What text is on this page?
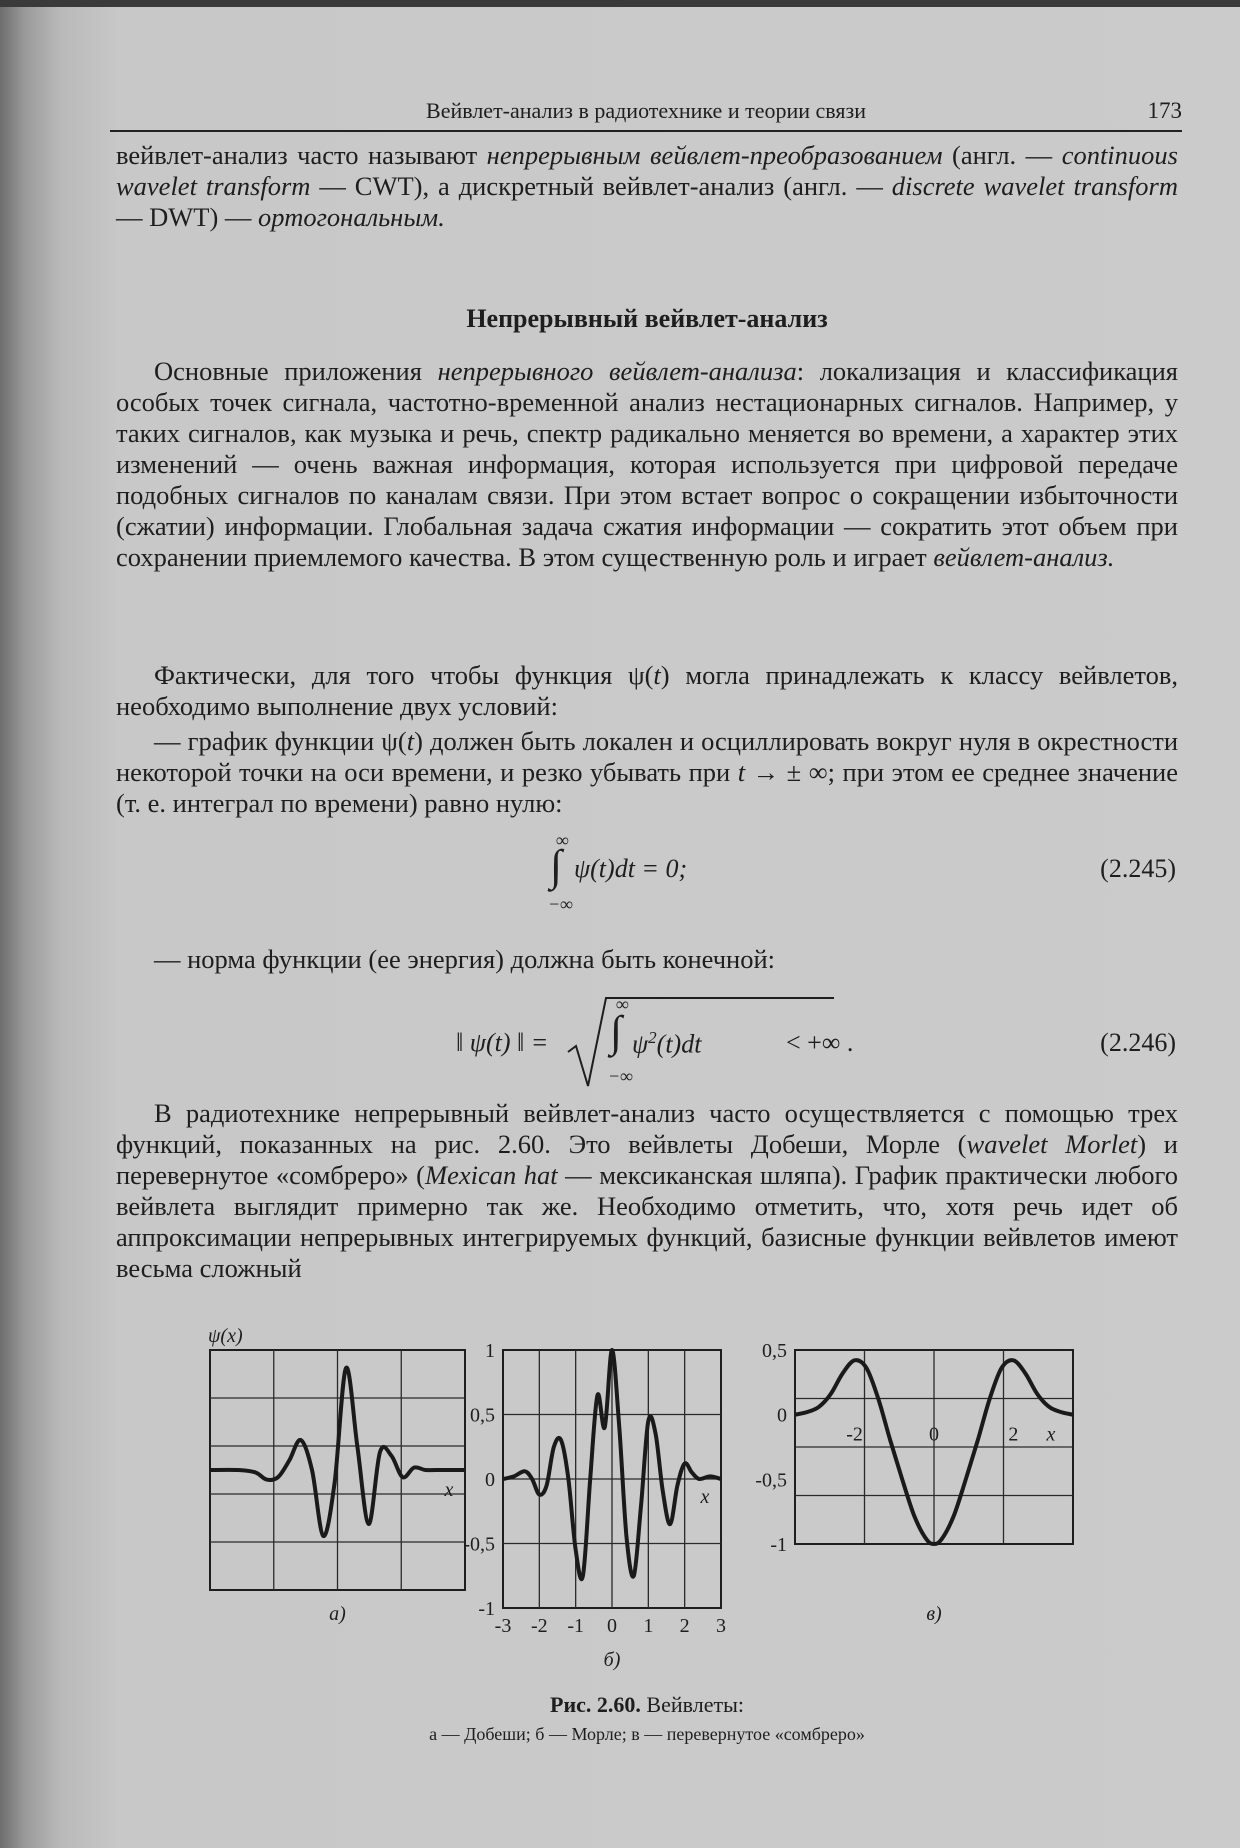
Вейвлет-анализ в радиотехнике и теории связи	173

вейвлет-анализ часто называют непрерывным вейвлет-преобразованием (англ. — continuous wavelet transform — CWT), а дискретный вейвлет-анализ (англ. — discrete wavelet transform — DWT) — ортогональным.

Непрерывный вейвлет-анализ

Основные приложения непрерывного вейвлет-анализа: локализация и классификация особых точек сигнала, частотно-временной анализ нестационарных сигналов. Например, у таких сигналов, как музыка и речь, спектр радикально меняется во времени, а характер этих изменений — очень важная информация, которая используется при цифровой передаче подобных сигналов по каналам связи. При этом встает вопрос о сокращении избыточности (сжатии) информации. Глобальная задача сжатия информации — сократить этот объем при сохранении приемлемого качества. В этом существенную роль и играет вейвлет-анализ.

Фактически, для того чтобы функция ψ(t) могла принадлежать к классу вейвлетов, необходимо выполнение двух условий:

— график функции ψ(t) должен быть локален и осциллировать вокруг нуля в окрестности некоторой точки на оси времени, и резко убывать при t → ± ∞; при этом ее среднее значение (т. е. интеграл по времени) равно нулю:

∞
∫ ψ(t)dt = 0;
−∞
(2.245)

— норма функции (ее энергия) должна быть конечной:

‖ ψ(t) ‖ =
∞
∫ $\psi^2(t)dt$
−∞
< +∞ .	(2.246)

В радиотехнике непрерывный вейвлет-анализ часто осуществляется с помощью трех функций, показанных на рис. 2.60. Это вейвлеты Добеши, Морле (wavelet Morlet) и перевернутое «сомбреро» (Mexican hat — мексиканская шляпа). График практически любого вейвлета выглядит примерно так же. Необходимо отметить, что, хотя речь идет об аппроксимации непрерывных интегрируемых функций, базисные функции вейвлетов имеют весьма сложный

x
ψ(x)
а)
1
0,5
0
-0,5
-1
-3 -2 -1 0 1 2 3
x
б)
0,5
0
-0,5
-1
-2	0	2 x
в)
Рис. 2.60. Вейвлеты:
а — Добеши; б — Морле; в — перевернутое «сомбреро»
